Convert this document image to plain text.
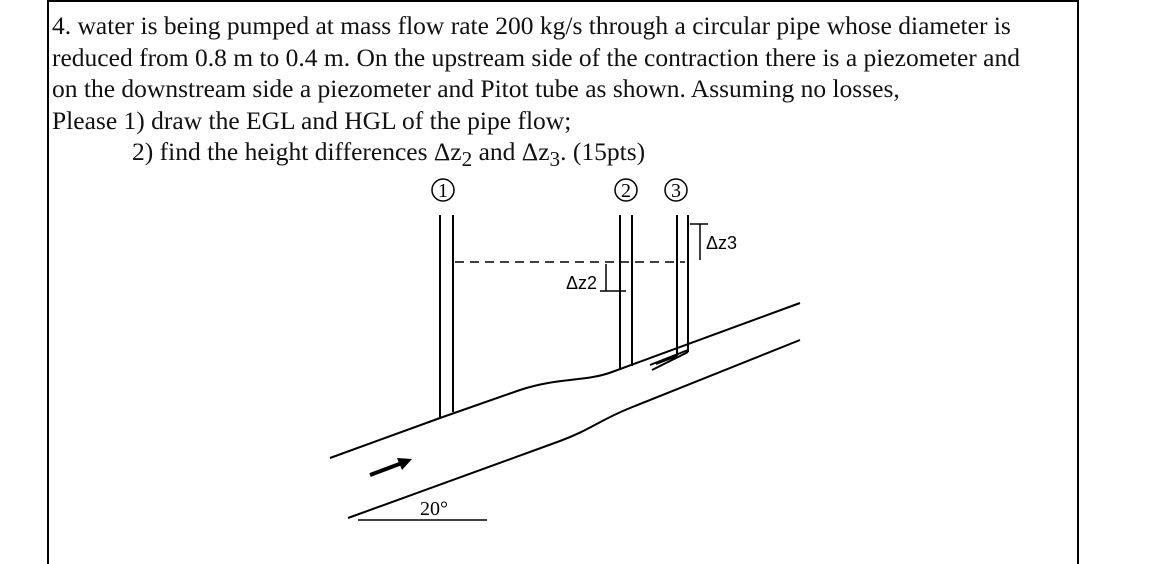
4. water is being pumped at mass flow rate 200 kg/s through a circular pipe whose diameter is
reduced from 0.8 m to 0.4 m. On the upstream side of the contraction there is a piezometer and
on the downstream side a piezometer and Pitot tube as shown. Assuming no losses,
Please 1) draw the EGL and HGL of the pipe flow;
2) find the height differences $\Delta z_2$ and $\Delta z_3$. (15pts)
1	2 3
Δz2
Δz3
20°
